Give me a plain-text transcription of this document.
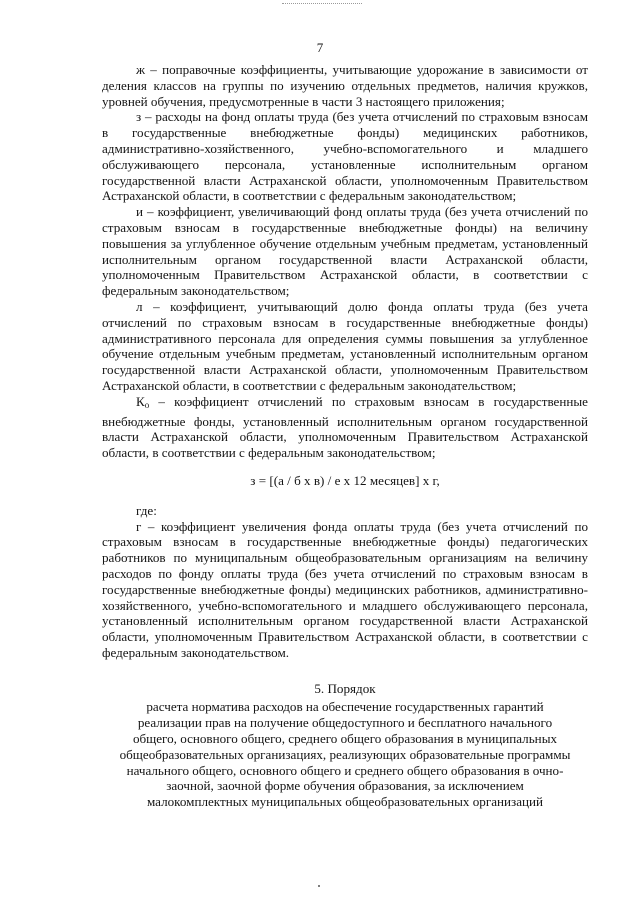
7

ж – поправочные коэффициенты, учитывающие удорожание в зависимости от деления классов на группы по изучению отдельных предметов, наличия кружков, уровней обучения, предусмотренные в части 3 настоящего приложения;

з – расходы на фонд оплаты труда (без учета отчислений по страховым взносам в государственные внебюджетные фонды) медицинских работников, административно-хозяйственного, учебно-вспомогательного и младшего обслуживающего персонала, установленные исполнительным органом государственной власти Астраханской области, уполномоченным Правительством Астраханской области, в соответствии с федеральным законодательством;

и – коэффициент, увеличивающий фонд оплаты труда (без учета отчислений по страховым взносам в государственные внебюджетные фонды) на величину повышения за углубленное обучение отдельным учебным предметам, установленный исполнительным органом государственной власти Астраханской области, уполномоченным Правительством Астраханской области, в соответствии с федеральным законодательством;

л – коэффициент, учитывающий долю фонда оплаты труда (без учета отчислений по страховым взносам в государственные внебюджетные фонды) административного персонала для определения суммы повышения за углубленное обучение отдельным учебным предметам, установленный исполнительным органом государственной власти Астраханской области, уполномоченным Правительством Астраханской области, в соответствии с федеральным законодательством;

Ко – коэффициент отчислений по страховым взносам в государственные внебюджетные фонды, установленный исполнительным органом государственной власти Астраханской области, уполномоченным Правительством Астраханской области, в соответствии с федеральным законодательством;

з = [(а / б х в) / е х 12 месяцев] х г,

где:

г – коэффициент увеличения фонда оплаты труда (без учета отчислений по страховым взносам в государственные внебюджетные фонды) педагогических работников по муниципальным общеобразовательным организациям на величину расходов по фонду оплаты труда (без учета отчислений по страховым взносам в государственные внебюджетные фонды) медицинских работников, административно-хозяйственного, учебно-вспомогательного и младшего обслуживающего персонала, установленный исполнительным органом государственной власти Астраханской области, уполномоченным Правительством Астраханской области, в соответствии с федеральным законодательством.

5. Порядок

расчета норматива расходов на обеспечение государственных гарантий реализации прав на получение общедоступного и бесплатного начального общего, основного общего, среднего общего образования в муниципальных общеобразовательных организациях, реализующих образовательные программы начального общего, основного общего и среднего общего образования в очно-заочной, заочной форме обучения образования, за исключением малокомплектных муниципальных общеобразовательных организаций
